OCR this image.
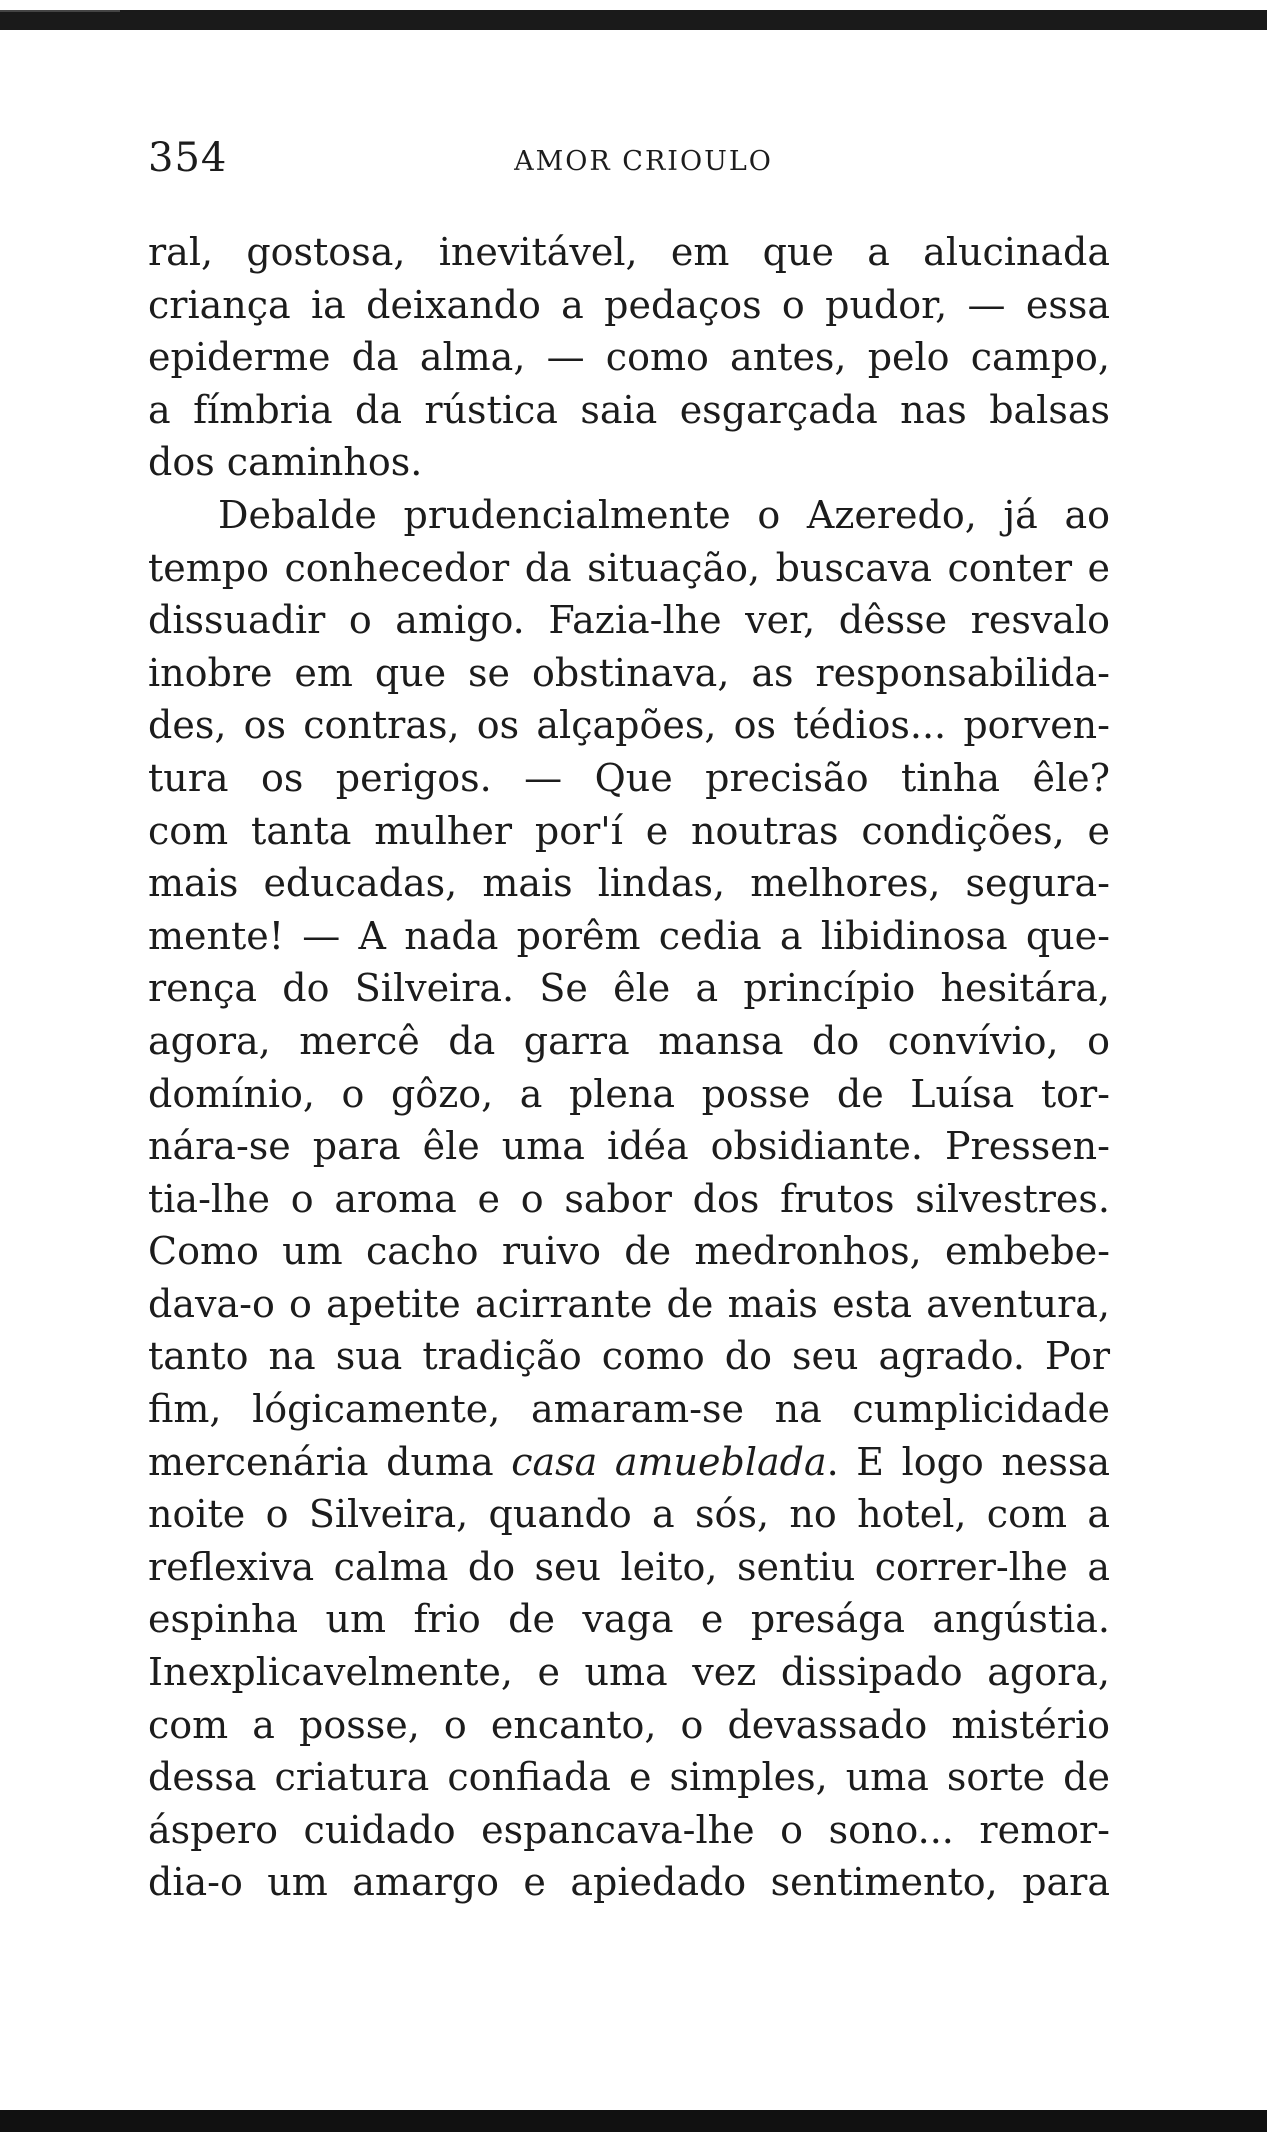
354	AMOR CRIOULO
ral, gostosa, inevitável, em que a alucinada
criança ia deixando a pedaços o pudor, — essa
epiderme da alma, — como antes, pelo campo,
a fímbria da rústica saia esgarçada nas balsas
dos caminhos.
Debalde prudencialmente o Azeredo, já ao
tempo conhecedor da situação, buscava conter e
dissuadir o amigo. Fazia-lhe ver, dêsse resvalo
inobre em que se obstinava, as responsabilida-
des, os contras, os alçapões, os tédios... porven-
tura os perigos. — Que precisão tinha êle?
com tanta mulher por'í e noutras condições, e
mais educadas, mais lindas, melhores, segura-
mente! — A nada porêm cedia a libidinosa que-
rença do Silveira. Se êle a princípio hesitára,
agora, mercê da garra mansa do convívio, o
domínio, o gôzo, a plena posse de Luísa tor-
nára-se para êle uma idéa obsidiante. Pressen-
tia-lhe o aroma e o sabor dos frutos silvestres.
Como um cacho ruivo de medronhos, embebe-
dava-o o apetite acirrante de mais esta aventura,
tanto na sua tradição como do seu agrado. Por
fim, lógicamente, amaram-se na cumplicidade
mercenária duma casa amueblada. E logo nessa
noite o Silveira, quando a sós, no hotel, com a
reflexiva calma do seu leito, sentiu correr-lhe a
espinha um frio de vaga e presága angústia.
Inexplicavelmente, e uma vez dissipado agora,
com a posse, o encanto, o devassado mistério
dessa criatura confiada e simples, uma sorte de
áspero cuidado espancava-lhe o sono... remor-
dia-o um amargo e apiedado sentimento, para
